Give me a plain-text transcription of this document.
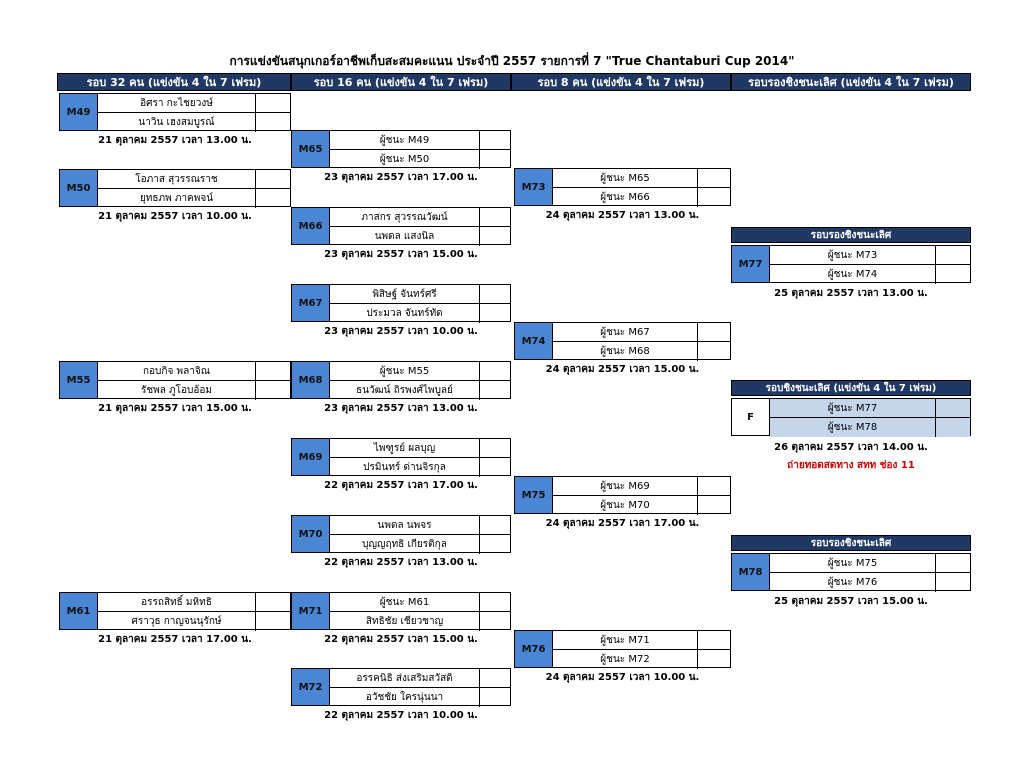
การแข่งขันสนุกเกอร์อาชีพเก็บสะสมคะแนน ประจำปี 2557 รายการที่ 7 "True Chantaburi Cup 2014"
รอบ 32 คน (แข่งขัน 4 ใน 7 เฟรม)	รอบ 16 คน (แข่งขัน 4 ใน 7 เฟรม)	รอบ 8 คน (แข่งขัน 4 ใน 7 เฟรม)	รอบรองชิงชนะเลิศ (แข่งขัน 4 ใน 7 เฟรม)
M49
อิศรา กะไชยวงษ์
นาวิน เฮงสมบูรณ์
21 ตุลาคม 2557 เวลา 13.00 น.
M50
โอภาส สุวรรณราช
ยุทธภพ ภาคพจน์
21 ตุลาคม 2557 เวลา 10.00 น.
M55
กอบกิจ พลาจิณ
รัชพล ภูโอบอ้อม
21 ตุลาคม 2557 เวลา 15.00 น.
M61
อรรถสิทธิ์ มหิทธิ
ศราวุธ กาญจนนุรักษ์
21 ตุลาคม 2557 เวลา 17.00 น.
M65
ผู้ชนะ M49
ผู้ชนะ M50
23 ตุลาคม 2557 เวลา 17.00 น.
M66
ภาสกร สุวรรณวัฒน์
นพดล แสงนิล
23 ตุลาคม 2557 เวลา 15.00 น.
M67
พิสิษฐ์ จันทร์ศรี
ประมวล จันทร์ทัด
23 ตุลาคม 2557 เวลา 10.00 น.
M68
ผู้ชนะ M55
ธนวัฒน์ ถิรพงศ์ไพบูลย์
23 ตุลาคม 2557 เวลา 13.00 น.
M69
ไพฑูรย์ ผลบุญ
ปรมินทร์ ด่านจิรกุล
22 ตุลาคม 2557 เวลา 17.00 น.
M70
นพดล นพจร
บุญญฤทธิ เกียรติกุล
22 ตุลาคม 2557 เวลา 13.00 น.
M71
ผู้ชนะ M61
สิทธิชัย เชียวชาญ
22 ตุลาคม 2557 เวลา 15.00 น.
M72
อรรคนิธิ ส่งเสริมสวัสดิ
อวัชชัย ใครนุ่นนา
22 ตุลาคม 2557 เวลา 10.00 น.
M73
ผู้ชนะ M65
ผู้ชนะ M66
24 ตุลาคม 2557 เวลา 13.00 น.
M74
ผู้ชนะ M67
ผู้ชนะ M68
24 ตุลาคม 2557 เวลา 15.00 น.
M75
ผู้ชนะ M69
ผู้ชนะ M70
24 ตุลาคม 2557 เวลา 17.00 น.
M76
ผู้ชนะ M71
ผู้ชนะ M72
24 ตุลาคม 2557 เวลา 10.00 น.
รอบรองชิงชนะเลิศ
M77
ผู้ชนะ M73
ผู้ชนะ M74
25 ตุลาคม 2557 เวลา 13.00 น.
รอบชิงชนะเลิศ (แข่งขัน 4 ใน 7 เฟรม)
F
ผู้ชนะ M77
ผู้ชนะ M78
26 ตุลาคม 2557 เวลา 14.00 น.
ถ่ายทอดสดทาง สทท ช่อง 11
รอบรองชิงชนะเลิศ
M78
ผู้ชนะ M75
ผู้ชนะ M76
25 ตุลาคม 2557 เวลา 15.00 น.
